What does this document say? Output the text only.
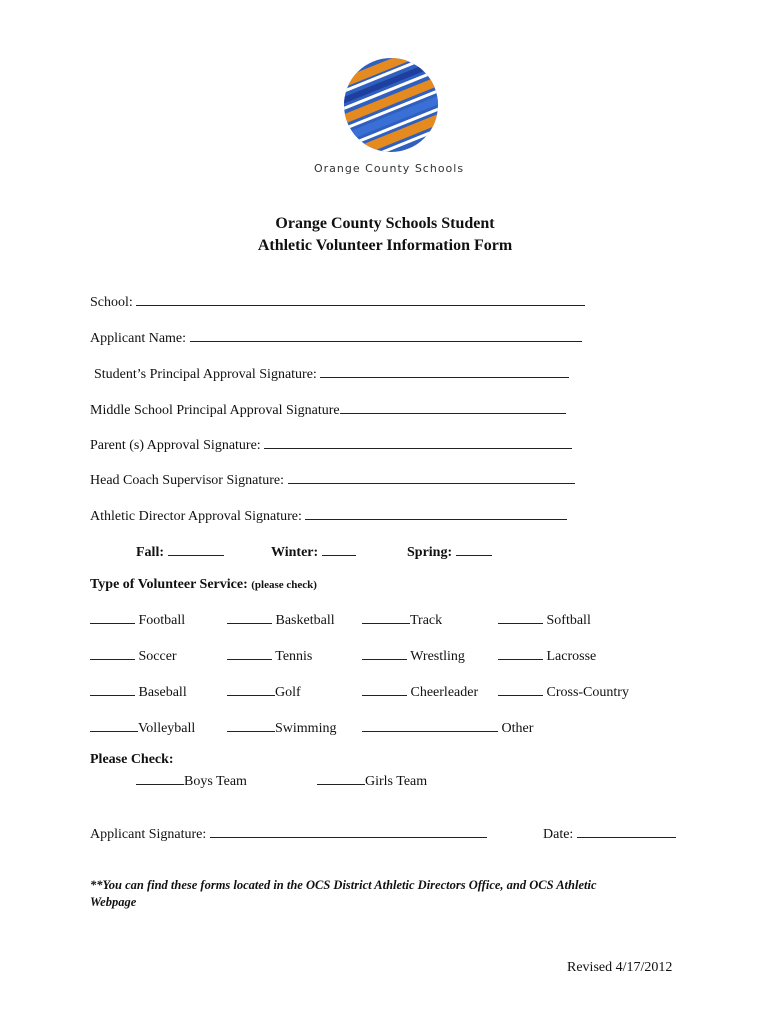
Orange County Schools
Orange County Schools Student
Athletic Volunteer Information Form
School:
Applicant Name:
Student’s Principal Approval Signature:
Middle School Principal Approval Signature
Parent (s) Approval Signature:
Head Coach Supervisor Signature:
Athletic Director Approval Signature:
Fall:	Winter:	Spring:
Type of Volunteer Service: (please check)
Football	Basketball	Track	Softball
Soccer	Tennis	Wrestling	Lacrosse
Baseball	Golf	Cheerleader	Cross-Country
Volleyball	Swimming	Other
Please Check:
Boys Team	Girls Team
Applicant Signature:	Date:
**You can find these forms located in the OCS District Athletic Directors Office, and OCS Athletic
Webpage
Revised 4/17/2012
